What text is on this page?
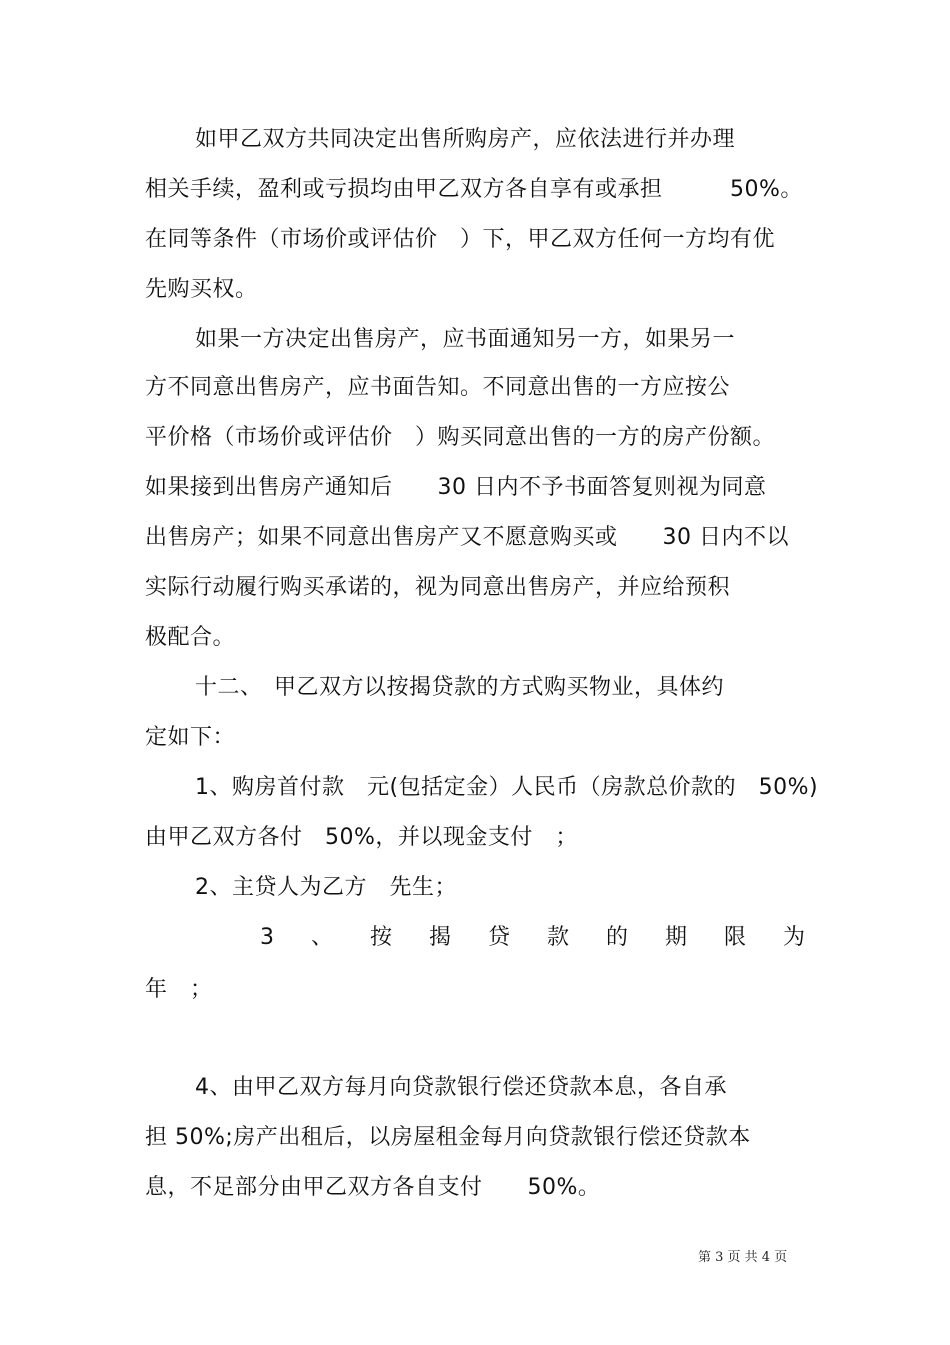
如甲乙双方共同决定出售所购房产，应依法进行并办理
相关手续，盈利或亏损均由甲乙双方各自享有或承担　　　50%。
在同等条件（市场价或评估价　）下，甲乙双方任何一方均有优
先购买权。
如果一方决定出售房产，应书面通知另一方，如果另一
方不同意出售房产，应书面告知。不同意出售的一方应按公
平价格（市场价或评估价　）购买同意出售的一方的房产份额。
如果接到出售房产通知后　　30 日内不予书面答复则视为同意
出售房产；如果不同意出售房产又不愿意购买或　　30 日内不以
实际行动履行购买承诺的，视为同意出售房产，并应给预积
极配合。
十二、　甲乙双方以按揭贷款的方式购买物业，具体约
定如下：
1、购房首付款　元(包括定金）人民币（房款总价款的　50%)
由甲乙双方各付　50%，并以现金支付　；
2、主贷人为乙方　先生；
3 、 按 揭 贷 款 的 期 限 为
年　；
4、由甲乙双方每月向贷款银行偿还贷款本息，各自承
担 50%;房产出租后，以房屋租金每月向贷款银行偿还贷款本
息，不足部分由甲乙双方各自支付　　50%。
第 3 页 共 4 页
